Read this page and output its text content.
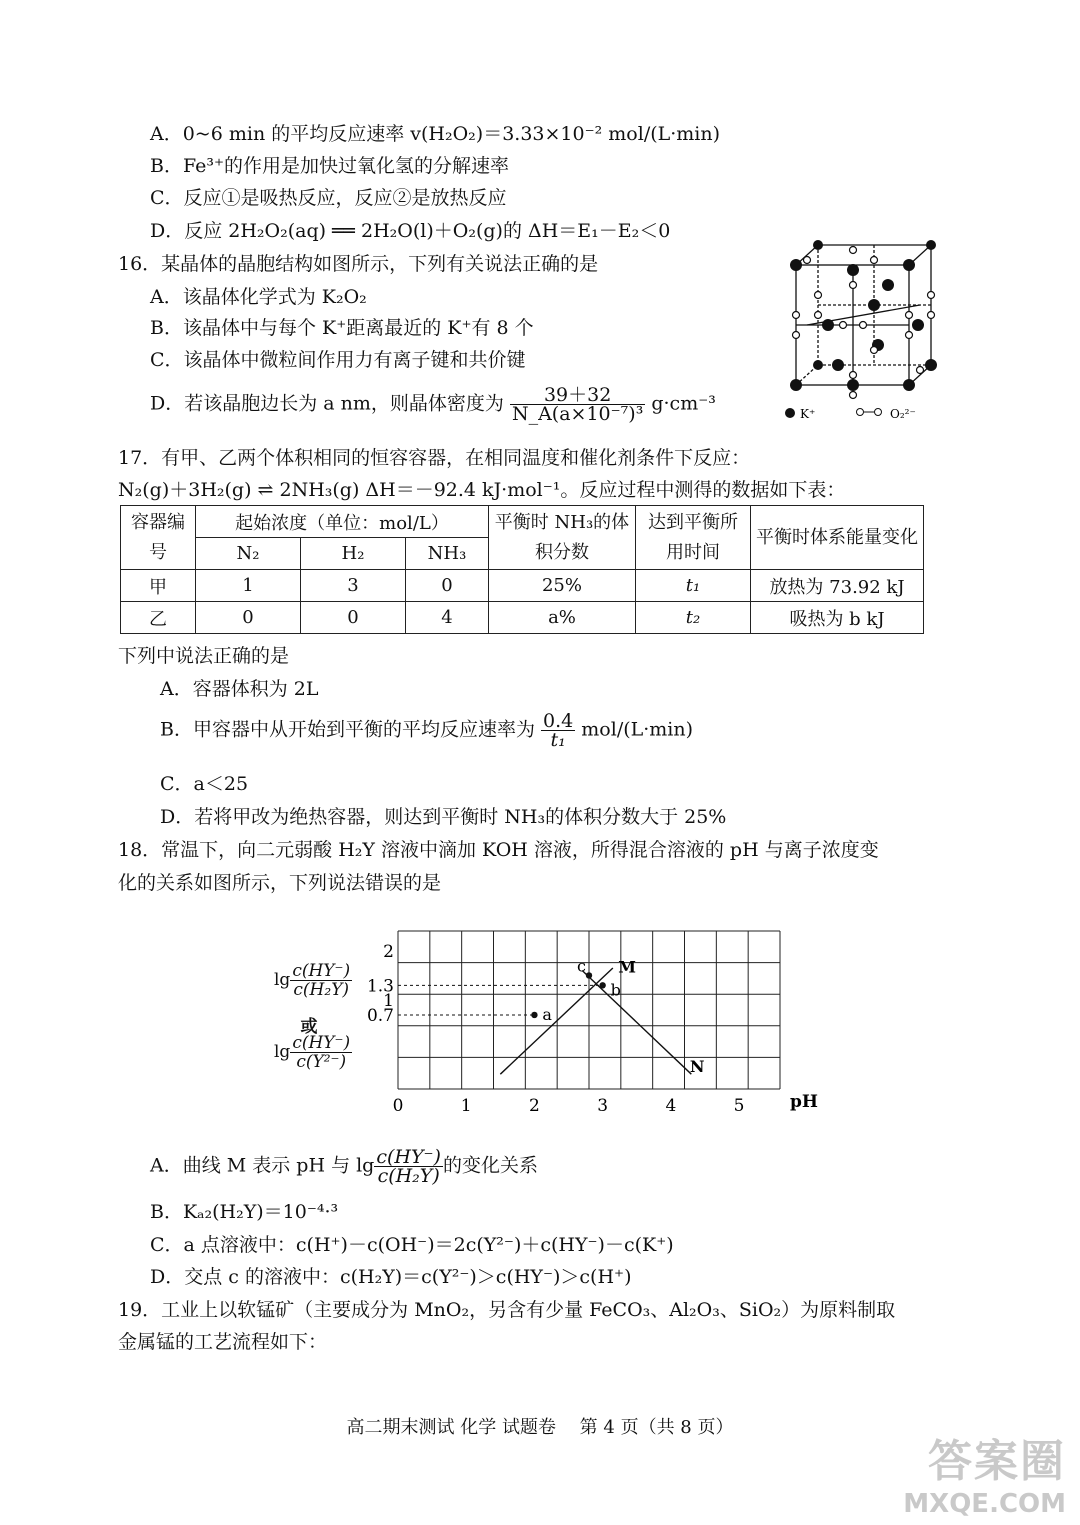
A．0~6 min 的平均反应速率 v(H₂O₂)＝3.33×10⁻² mol/(L·min)
B．Fe³⁺的作用是加快过氧化氢的分解速率
C．反应①是吸热反应，反应②是放热反应
D．反应 2H₂O₂(aq) ══ 2H₂O(l)＋O₂(g)的 ΔH＝E₁－E₂＜0
16．某晶体的晶胞结构如图所示，下列有关说法正确的是
A．该晶体化学式为 K₂O₂
B．该晶体中与每个 K⁺距离最近的 K⁺有 8 个
C．该晶体中微粒间作用力有离子键和共价键
D．若该晶胞边长为 a nm，则晶体密度为 $\frac{39+32}{\text{N\_A(a×10⁻⁷)³}} g\cdot cm^{-3}$	K⁺	O₂²⁻
17．有甲、乙两个体积相同的恒容容器，在相同温度和催化剂条件下反应：
N₂(g)＋3H₂(g) ⇌ 2NH₃(g) ΔH＝－92.4 kJ·mol⁻¹。反应过程中测得的数据如下表：
容器编号	起始浓度（单位：mol/L）			平衡时 NH₃的体积分数	达到平衡所用时间	平衡时体系能量变化
	N₂	H₂	NH₃			
甲	1	3	0	25%	t₁	放热为 73.92 kJ
乙	0	0	4	a%	t₂	吸热为 b kJ
下列中说法正确的是
A．容器体积为 2L
B．甲容器中从开始到平衡的平均反应速率为 $\frac{0.4}{\text{t₁}} mol/(L\cdot\min)$
C．a＜25
D．若将甲改为绝热容器，则达到平衡时 NH₃的体积分数大于 25%
18．常温下，向二元弱酸 H₂Y 溶液中滴加 KOH 溶液，所得混合溶液的 pH 与离子浓度变
化的关系如图所示，下列说法错误的是
$\lg \frac{c(HY^-)}{\text{c(H₂Y)}}$
或
$\lg \frac{c(HY^-)}{\text{c(Y²⁻)}}$
0	1	2	3	4	5	pH
2
1.3
1
0.7
M
N
a
b
c
A．曲线 M 表示 pH 与 $\lg \frac{c(HY^-)}{\text{c(H₂Y)}}$ 的变化关系
B．Kₐ₂(H₂Y)＝10⁻⁴·³
C．a 点溶液中：c(H⁺)－c(OH⁻)＝2c(Y²⁻)＋c(HY⁻)－c(K⁺)
D．交点 c 的溶液中：c(H₂Y)＝c(Y²⁻)＞c(HY⁻)＞c(H⁺)
19．工业上以软锰矿（主要成分为 MnO₂，另含有少量 FeCO₃、Al₂O₃、SiO₂）为原料制取
金属锰的工艺流程如下：
高二期末测试 化学 试题卷　 第 4 页（共 8 页）
答案圈
MXQE.COM
